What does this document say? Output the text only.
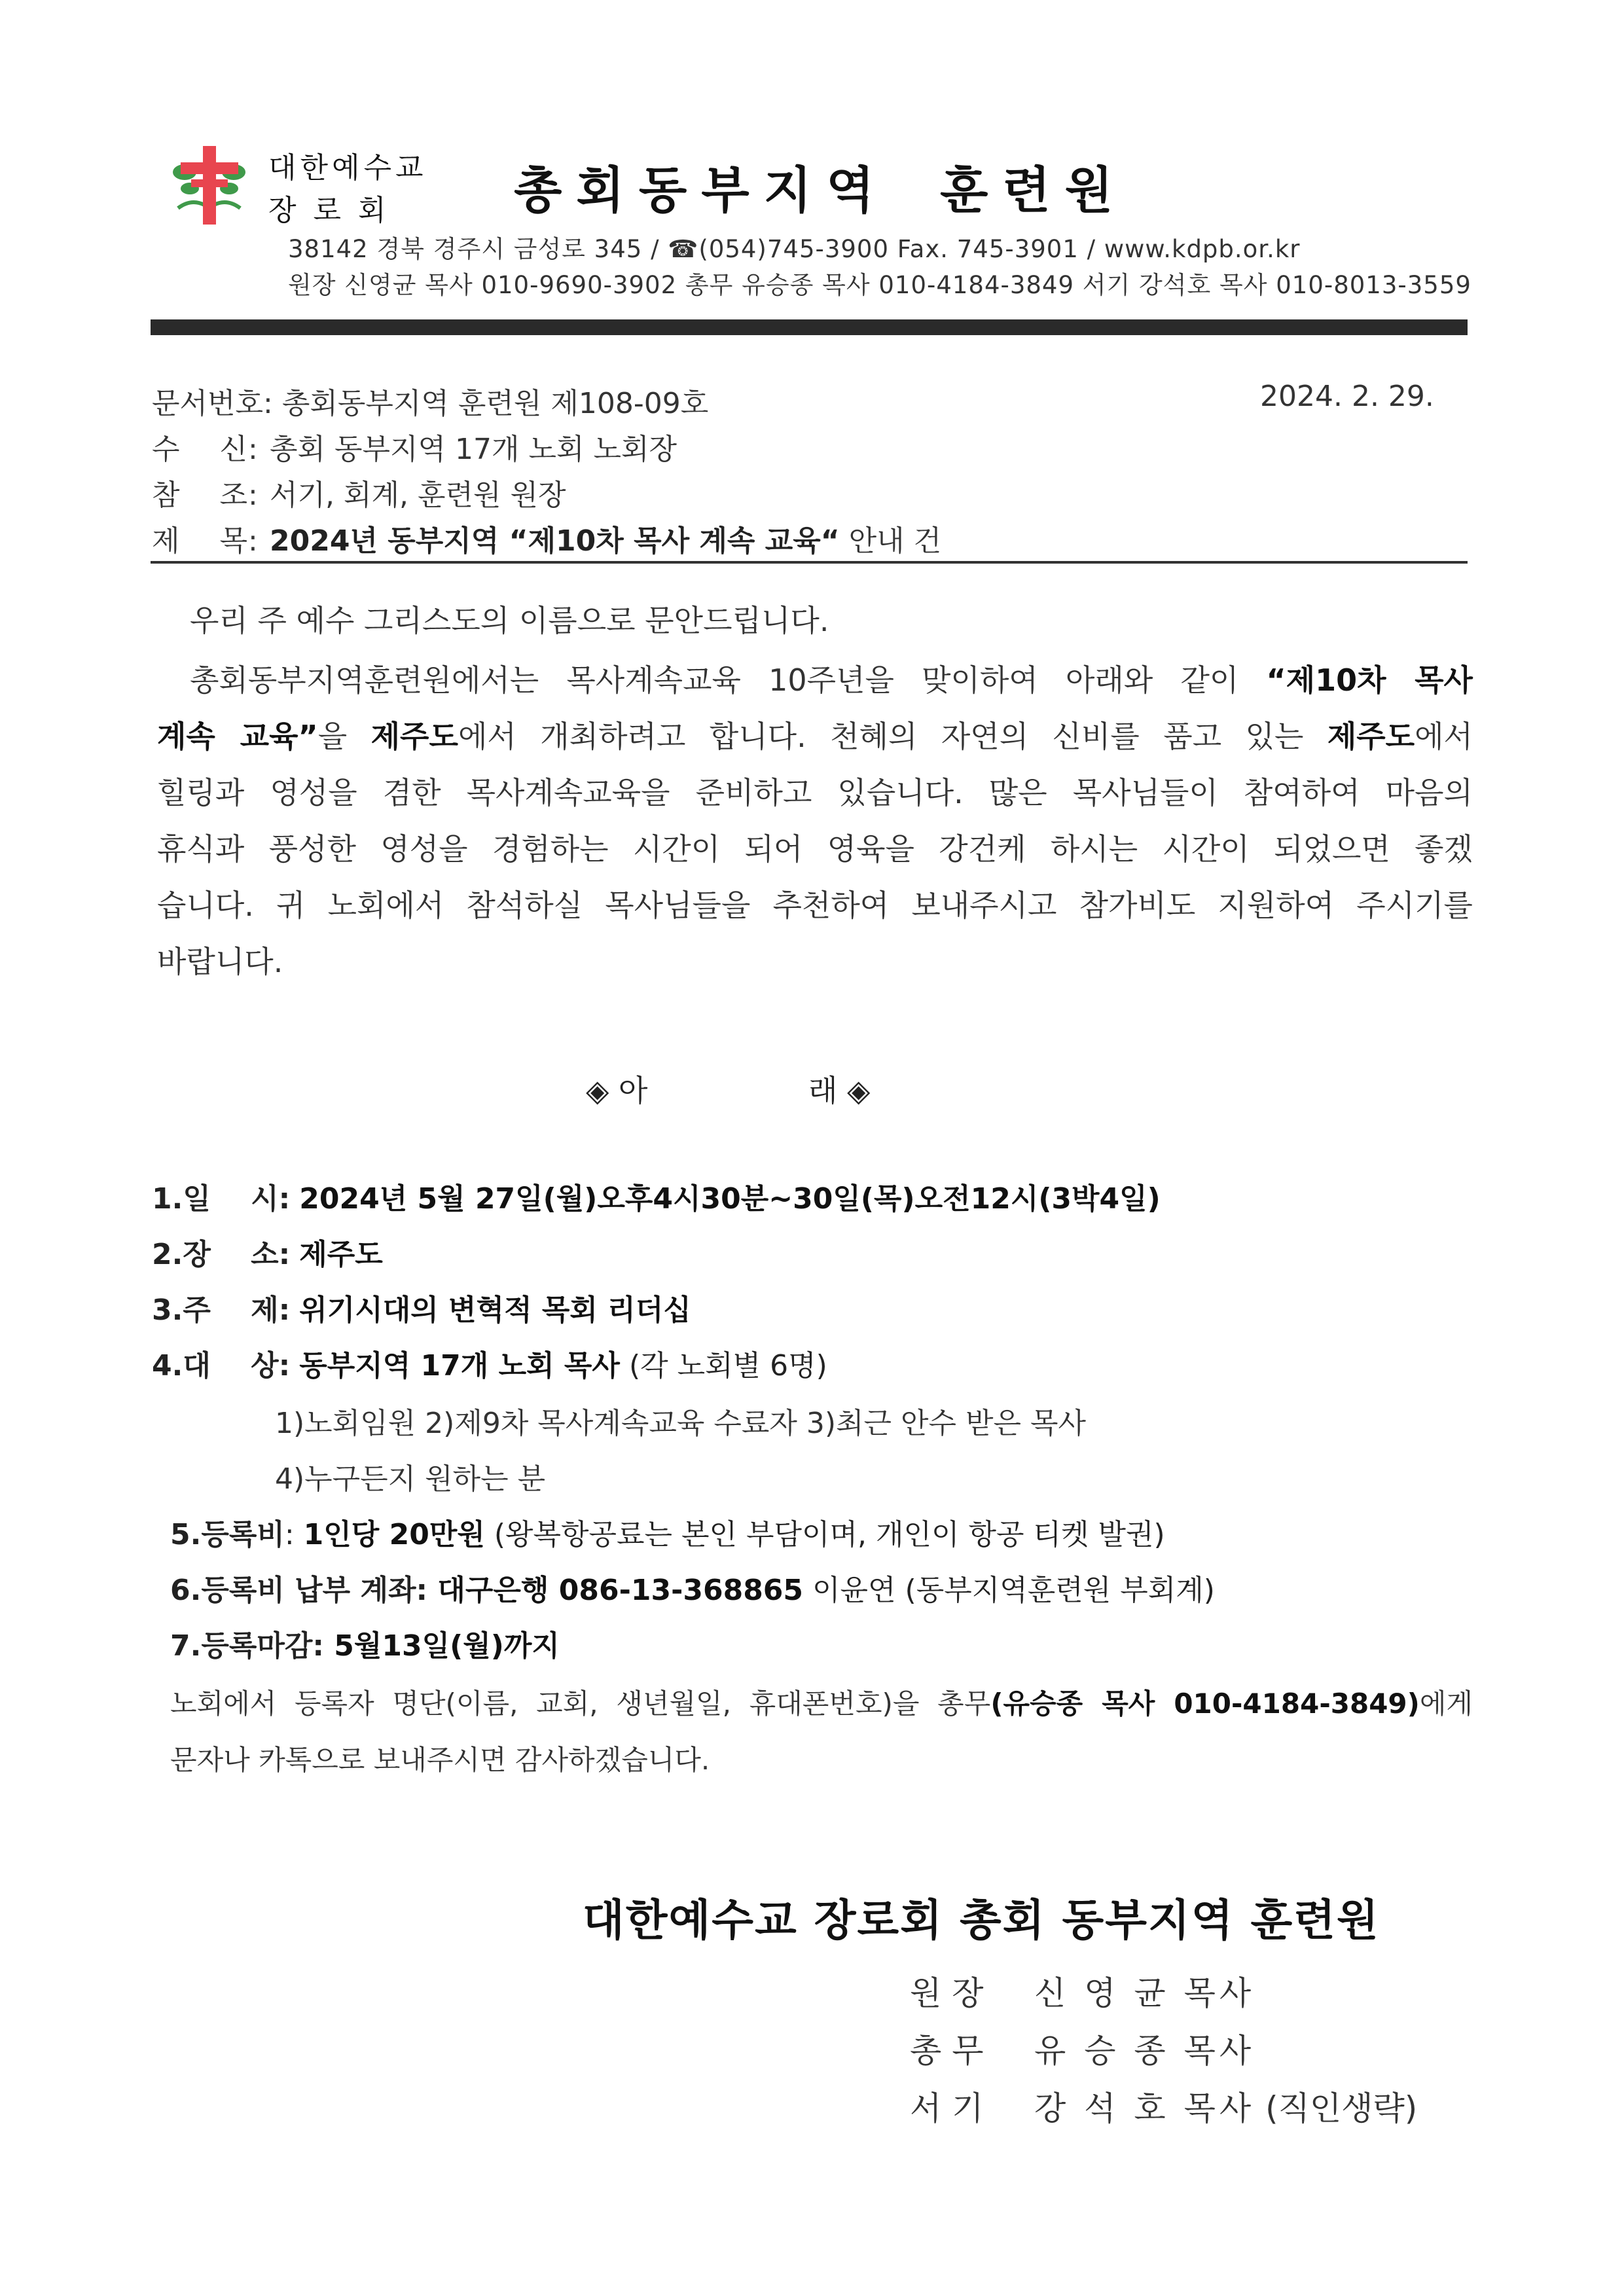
대한예수교
장 로 회 총회동부지역 훈련원
38142 경북 경주시 금성로 345 / ☎(054)745-3900 Fax. 745-3901 / www.kdpb.or.kr
원장 신영균 목사 010-9690-3902 총무 유승종 목사 010-4184-3849 서기 강석호 목사 010-8013-3559
문서번호: 총회동부지역 훈련원 제108-09호	2024. 2. 29.
수    신: 총회 동부지역 17개 노회 노회장
참    조: 서기, 회계, 훈련원 원장
제    목: 2024년 동부지역 “제10차 목사 계속 교육“ 안내 건
우리 주 예수 그리스도의 이름으로 문안드립니다.
총회동부지역훈련원에서는 목사계속교육 10주년을 맞이하여 아래와 같이 “제10차 목사
계속 교육”을 제주도에서 개최하려고 합니다. 천혜의 자연의 신비를 품고 있는 제주도에서
힐링과 영성을 겸한 목사계속교육을 준비하고 있습니다. 많은 목사님들이 참여하여 마음의
휴식과 풍성한 영성을 경험하는 시간이 되어 영육을 강건케 하시는 시간이 되었으면 좋겠
습니다. 귀 노회에서 참석하실 목사님들을 추천하여 보내주시고 참가비도 지원하여 주시기를
바랍니다.
◈ 아	래 ◈
1.일    시: 2024년 5월 27일(월)오후4시30분~30일(목)오전12시(3박4일)
2.장    소: 제주도
3.주    제: 위기시대의 변혁적 목회 리더십
4.대    상: 동부지역 17개 노회 목사 (각 노회별 6명)
1)노회임원 2)제9차 목사계속교육 수료자 3)최근 안수 받은 목사
4)누구든지 원하는 분
5.등록비: 1인당 20만원 (왕복항공료는 본인 부담이며, 개인이 항공 티켓 발권)
6.등록비 납부 계좌: 대구은행 086-13-368865 이윤연 (동부지역훈련원 부회계)
7.등록마감: 5월13일(월)까지
노회에서 등록자 명단(이름, 교회, 생년월일, 휴대폰번호)을 총무(유승종 목사 010-4184-3849)에게
문자나 카톡으로 보내주시면 감사하겠습니다.
대한예수교 장로회 총회 동부지역 훈련원
원 장 신 영 균 목사
총 무 유 승 종 목사
서 기 강 석 호 목사 (직인생략)
